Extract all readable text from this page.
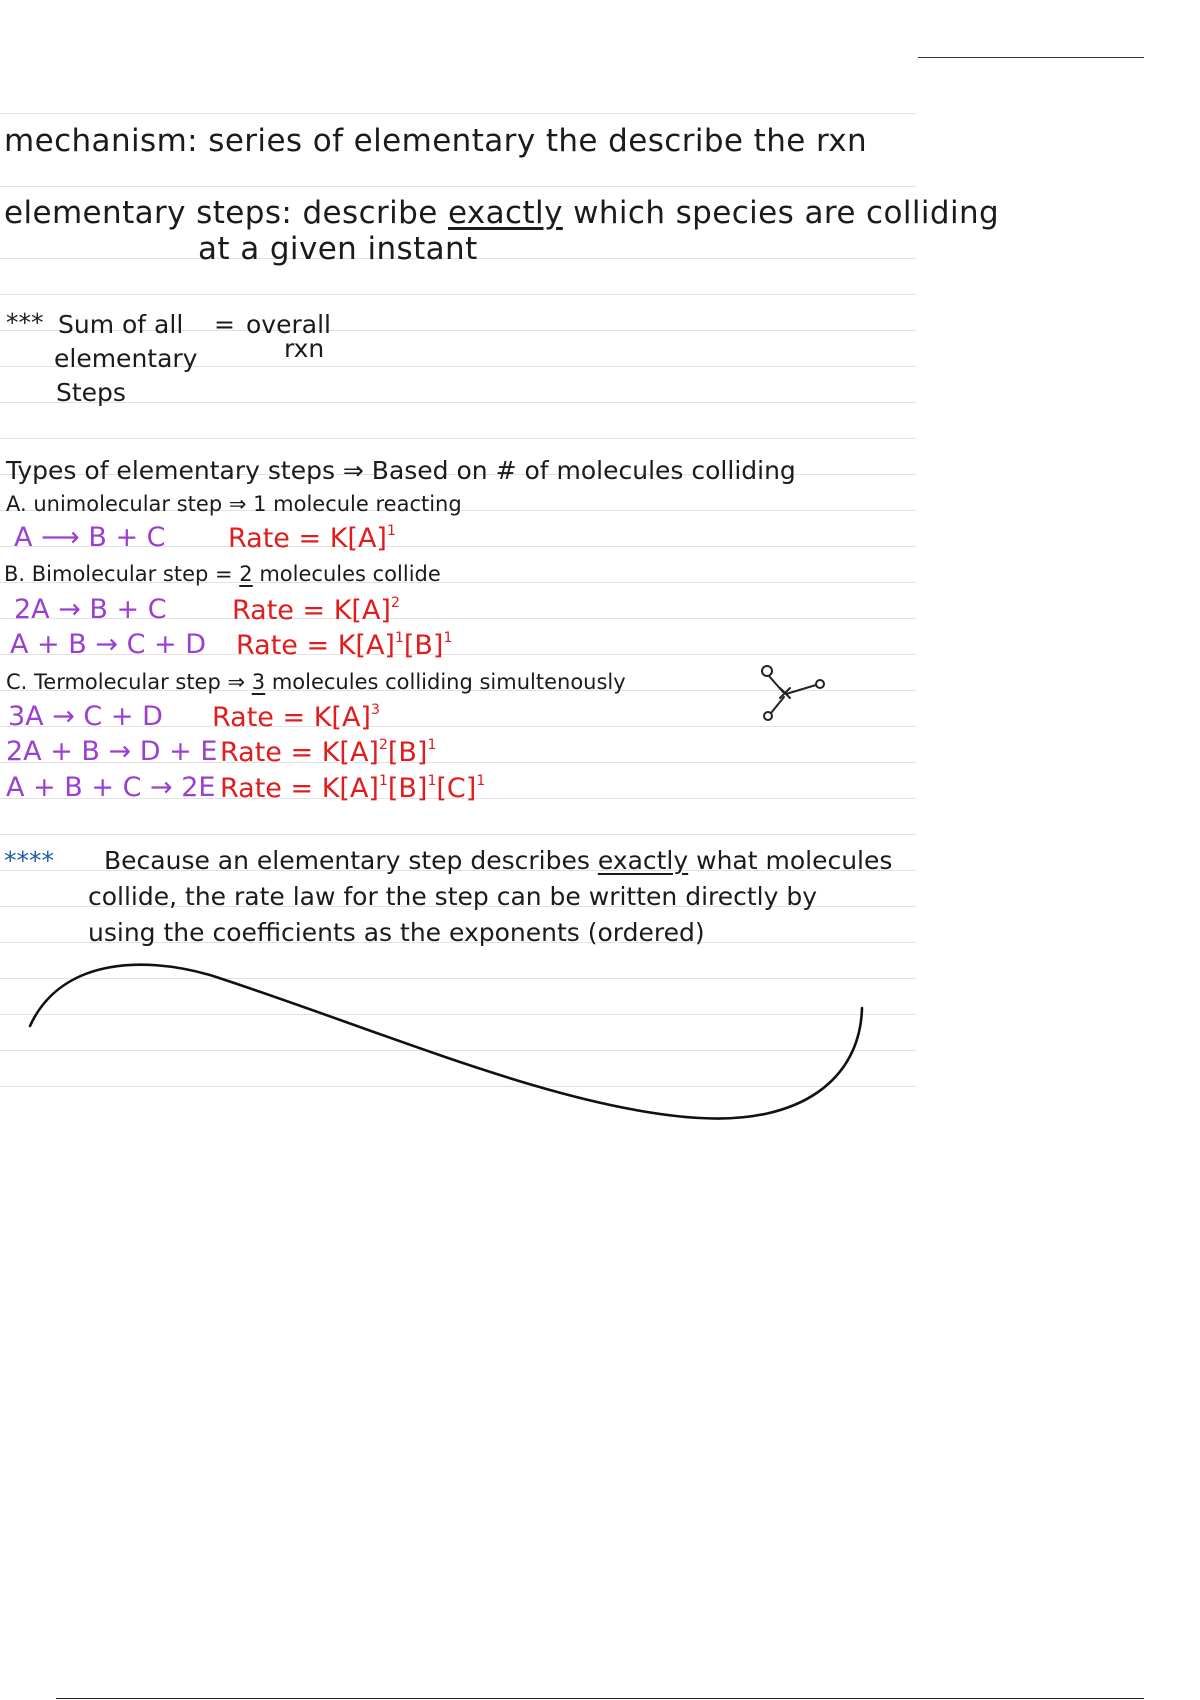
mechanism: series of elementary the describe the rxn
elementary steps: describe exactly which species are colliding
at a given instant
*** Sum of all = overall
rxn
elementary
Steps
Types of elementary steps ⇒ Based on # of molecules colliding
A. unimolecular step ⇒ 1 molecule reacting
A ⟶ B + C Rate = $K[A]^1$
B. Bimolecular step = 2 molecules collide
2A → B + C Rate = $K[A]^2$
A + B → C + D Rate = $K[A]^1[B]^1$
C. Termolecular step ⇒ 3 molecules colliding simultenously
3A → C + D Rate = $K[A]^3$
2A + B → D + E Rate = $K[A]^2[B]^1$
A + B + C → 2E Rate = $K[A]^1[B]^1[C]^1$
**** Because an elementary step describes exactly what molecules
collide, the rate law for the step can be written directly by
using the coefficients as the exponents (ordered)
